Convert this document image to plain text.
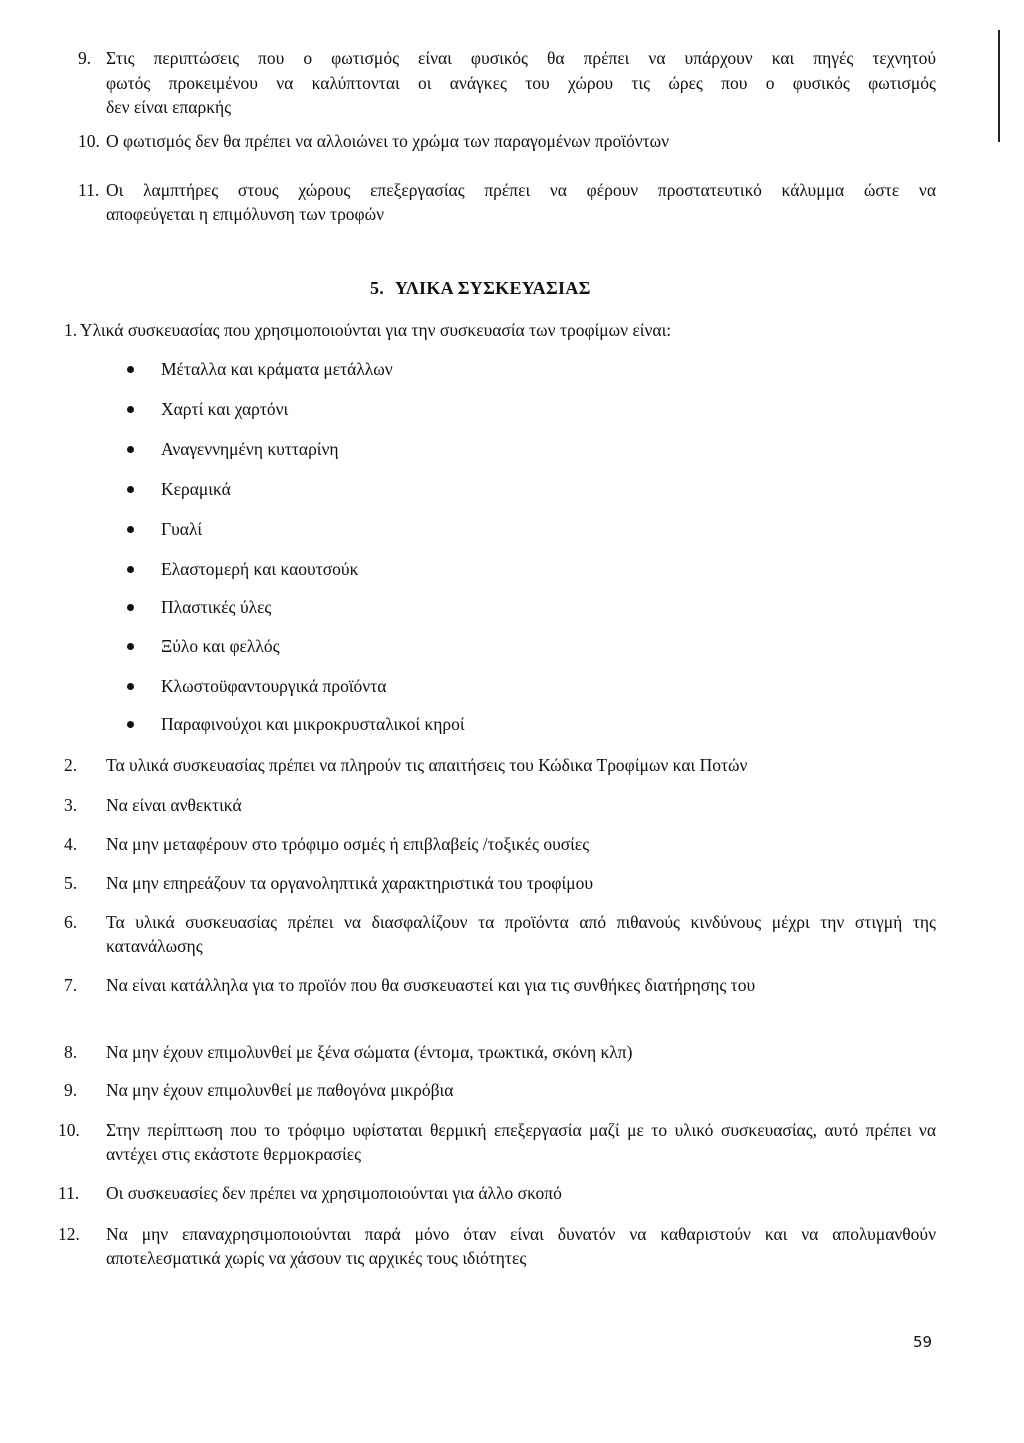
9. Στις περιπτώσεις που ο φωτισμός είναι φυσικός θα πρέπει να υπάρχουν και πηγές τεχνητού
φωτός προκειμένου να καλύπτονται οι ανάγκες του χώρου τις ώρες που ο φυσικός φωτισμός
δεν είναι επαρκής
10. Ο φωτισμός δεν θα πρέπει να αλλοιώνει το χρώμα των παραγομένων προϊόντων
11. Οι λαμπτήρες στους χώρους επεξεργασίας πρέπει να φέρουν προστατευτικό κάλυμμα ώστε να
αποφεύγεται η επιμόλυνση των τροφών
5. ΥΛΙΚΑ ΣΥΣΚΕΥΑΣΙΑΣ
1. Υλικά συσκευασίας που χρησιμοποιούνται για την συσκευασία των τροφίμων είναι:
Μέταλλα και κράματα μετάλλων
Χαρτί και χαρτόνι
Αναγεννημένη κυτταρίνη
Κεραμικά
Γυαλί
Ελαστομερή και καουτσούκ
Πλαστικές ύλες
Ξύλο και φελλός
Κλωστοϋφαντουργικά προϊόντα
Παραφινούχοι και μικροκρυσταλικοί κηροί
2. Τα υλικά συσκευασίας πρέπει να πληρούν τις απαιτήσεις του Κώδικα Τροφίμων και Ποτών
3. Να είναι ανθεκτικά
4. Να μην μεταφέρουν στο τρόφιμο οσμές ή επιβλαβείς /τοξικές ουσίες
5. Να μην επηρεάζουν τα οργανοληπτικά χαρακτηριστικά του τροφίμου
6. Τα υλικά συσκευασίας πρέπει να διασφαλίζουν τα προϊόντα από πιθανούς κινδύνους μέχρι την στιγμή της κατανάλωσης
7. Να είναι κατάλληλα για το προϊόν που θα συσκευαστεί και για τις συνθήκες διατήρησης του
8. Να μην έχουν επιμολυνθεί με ξένα σώματα (έντομα, τρωκτικά, σκόνη κλπ)
9. Να μην έχουν επιμολυνθεί με παθογόνα μικρόβια
10. Στην περίπτωση που το τρόφιμο υφίσταται θερμική επεξεργασία μαζί με το υλικό συσκευασίας, αυτό πρέπει να αντέχει στις εκάστοτε θερμοκρασίες
11. Οι συσκευασίες δεν πρέπει να χρησιμοποιούνται για άλλο σκοπό
12. Να μην επαναχρησιμοποιούνται παρά μόνο όταν είναι δυνατόν να καθαριστούν και να απολυμανθούν αποτελεσματικά χωρίς να χάσουν τις αρχικές τους ιδιότητες
59
